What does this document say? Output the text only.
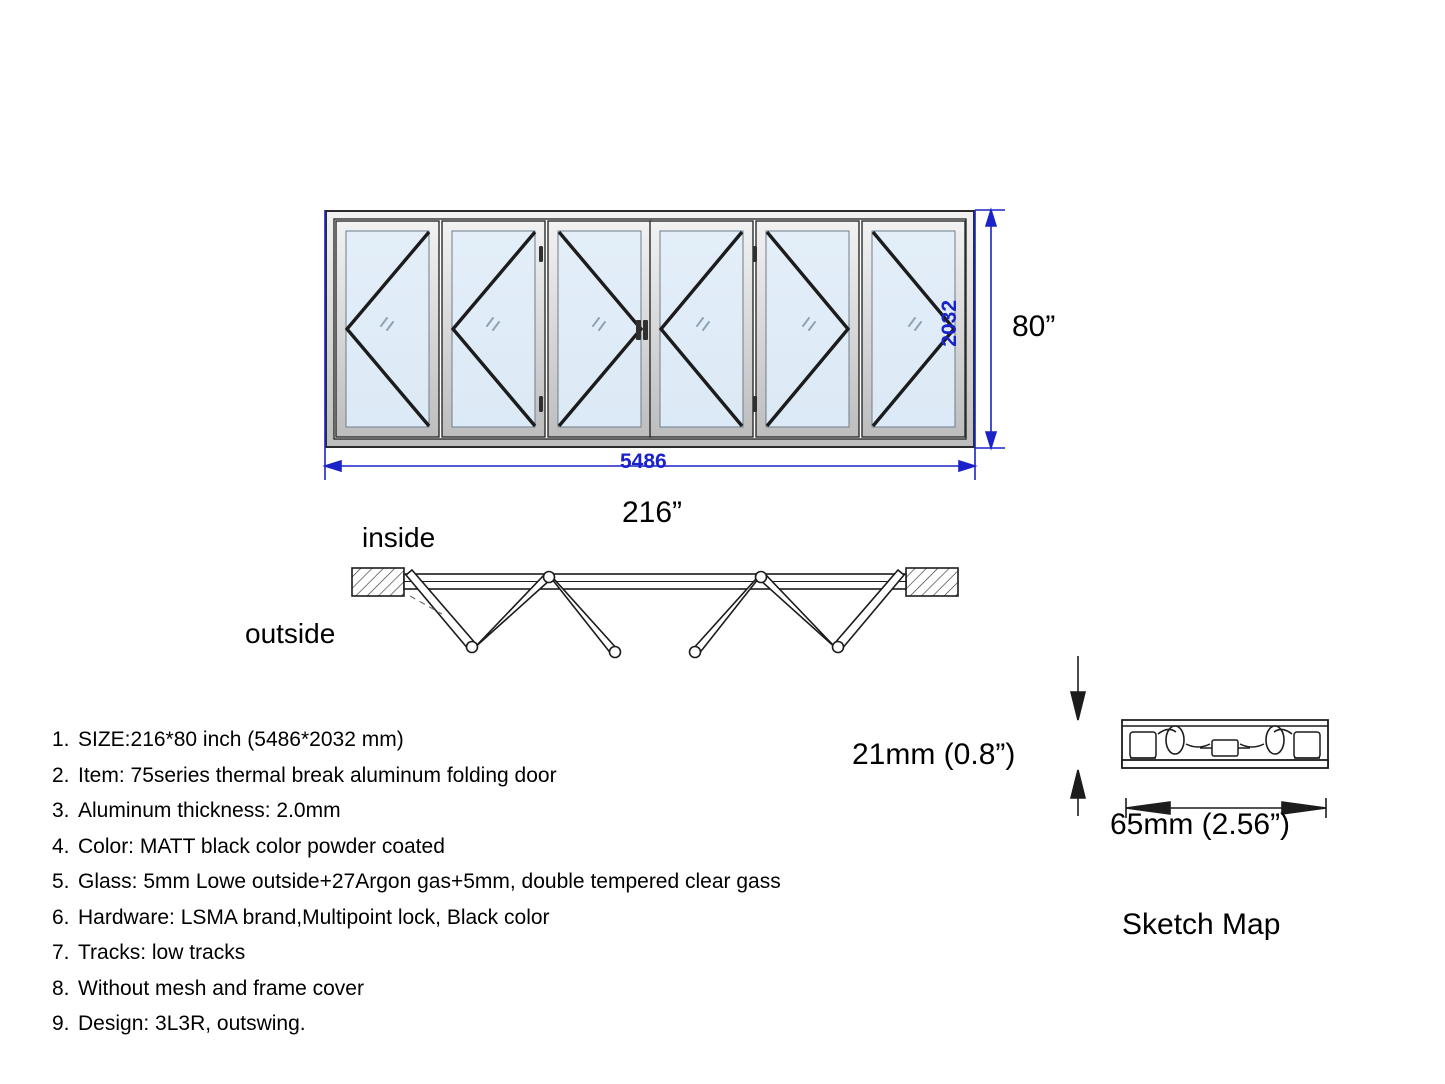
5486
2032 80”
216”
inside
outside
21mm (0.8”)
65mm (2.56”)
Sketch Map
1. SIZE:216*80 inch (5486*2032 mm)
2. Item: 75series thermal break aluminum folding door
3. Aluminum thickness: 2.0mm
4. Color: MATT black color powder coated
5. Glass: 5mm Lowe outside+27Argon gas+5mm, double tempered clear gass
6. Hardware: LSMA brand,Multipoint lock, Black color
7. Tracks: low tracks
8. Without mesh and frame cover
9. Design: 3L3R, outswing.
